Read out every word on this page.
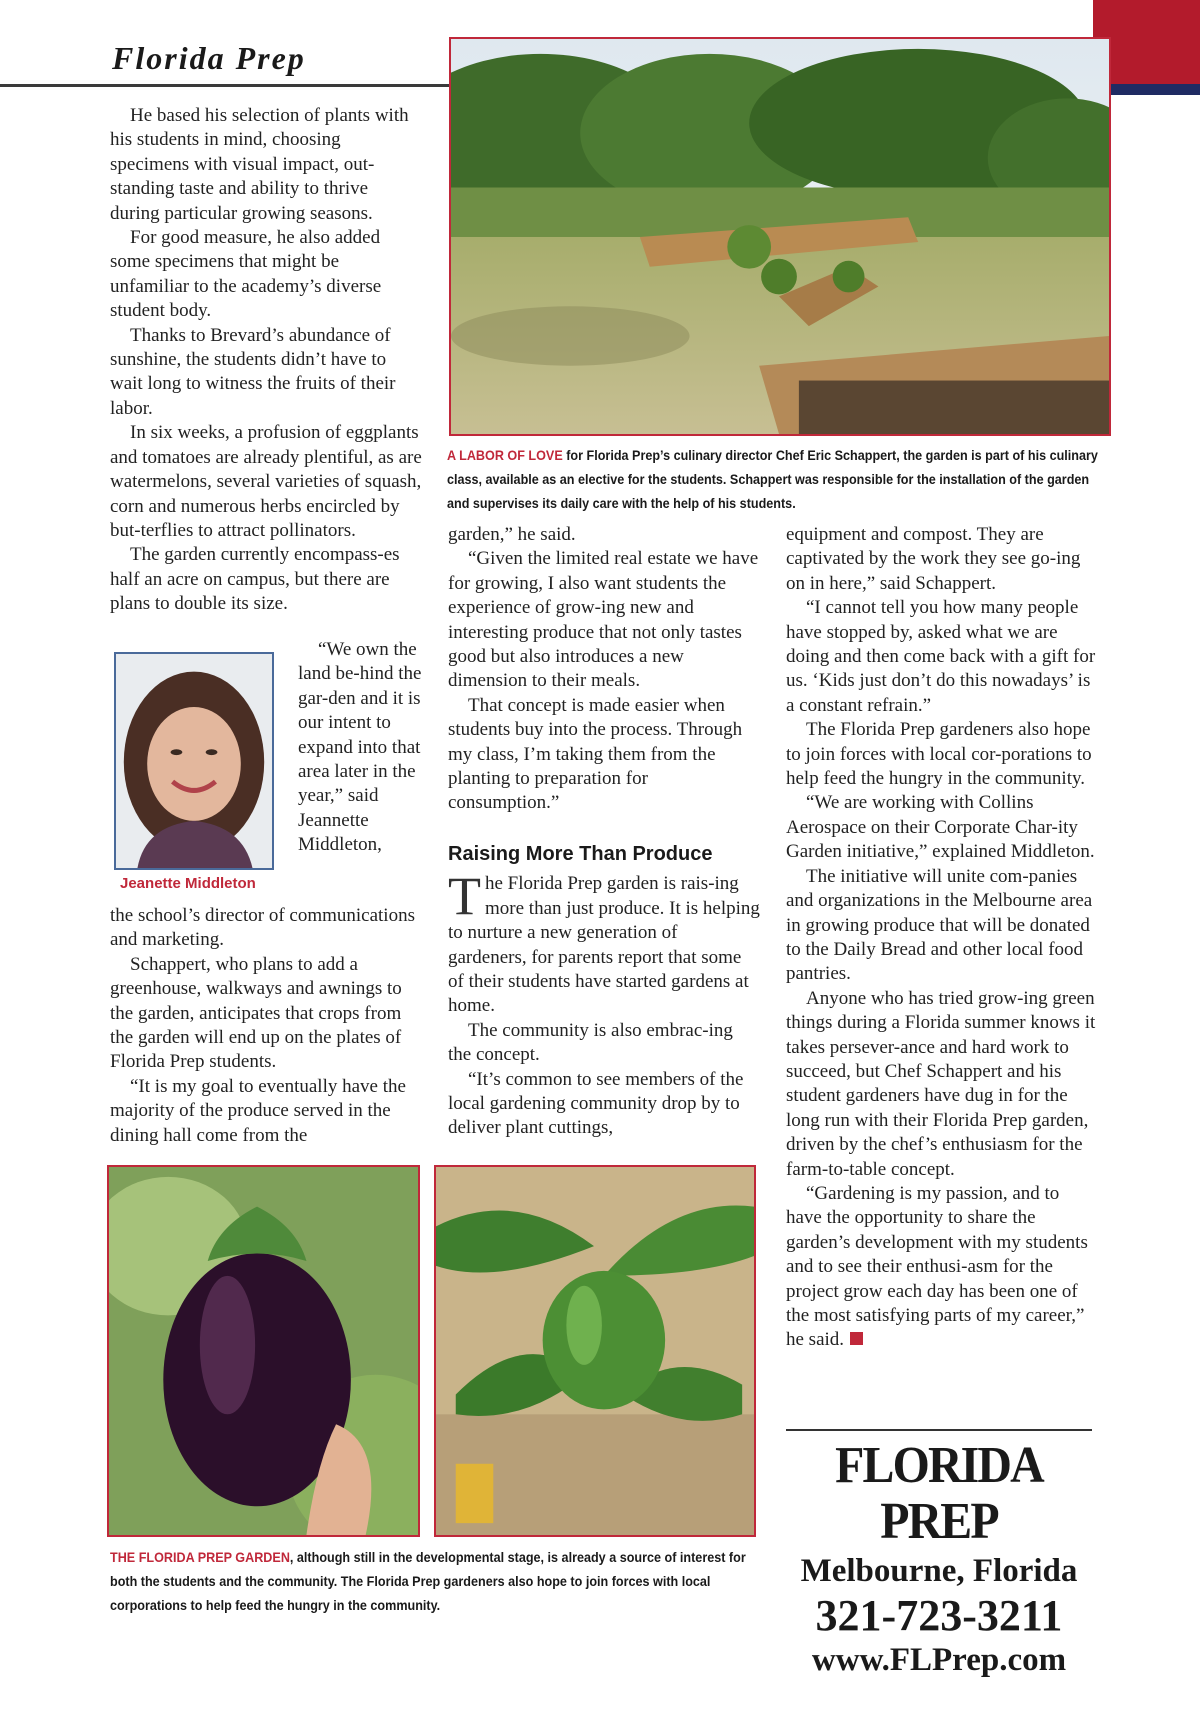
Florida Prep
A LABOR OF LOVE for Florida Prep’s culinary director Chef Eric Schappert, the garden is part of his culinary class, available as an elective for the students. Schappert was responsible for the installation of the garden and supervises its daily care with the help of his students.

He based his selection of plants with his students in mind, choosing specimens with visual impact, out-standing taste and ability to thrive during particular growing seasons.

For good measure, he also added some specimens that might be unfamiliar to the academy’s diverse student body.

Thanks to Brevard’s abundance of sunshine, the students didn’t have to wait long to witness the fruits of their labor.

In six weeks, a profusion of eggplants and tomatoes are already plentiful, as are watermelons, several varieties of squash, corn and numerous herbs encircled by but-terflies to attract pollinators.

The garden currently encompass-es half an acre on campus, but there are plans to double its size.

Jeanette Middleton

“We own the land be-hind the gar-den and it is our intent to expand into that area later in the year,” said Jeannette Middleton,

the school’s director of communications and marketing.

Schappert, who plans to add a greenhouse, walkways and awnings to the garden, anticipates that crops from the garden will end up on the plates of Florida Prep students.

“It is my goal to eventually have the majority of the produce served in the dining hall come from the

garden,” he said.

“Given the limited real estate we have for growing, I also want students the experience of grow-ing new and interesting produce that not only tastes good but also introduces a new dimension to their meals.

That concept is made easier when students buy into the process. Through my class, I’m taking them from the planting to preparation for consumption.”

Raising More Than Produce

The Florida Prep garden is rais-ing more than just produce. It is helping to nurture a new generation of gardeners, for parents report that some of their students have started gardens at home.

The community is also embrac-ing the concept.

“It’s common to see members of the local gardening community drop by to deliver plant cuttings,

equipment and compost. They are captivated by the work they see go-ing on in here,” said Schappert.

“I cannot tell you how many people have stopped by, asked what we are doing and then come back with a gift for us. ‘Kids just don’t do this nowadays’ is a constant refrain.”

The Florida Prep gardeners also hope to join forces with local cor-porations to help feed the hungry in the community.

“We are working with Collins Aerospace on their Corporate Char-ity Garden initiative,” explained Middleton.

The initiative will unite com-panies and organizations in the Melbourne area in growing produce that will be donated to the Daily Bread and other local food pantries.

Anyone who has tried grow-ing green things during a Florida summer knows it takes persever-ance and hard work to succeed, but Chef Schappert and his student gardeners have dug in for the long run with their Florida Prep garden, driven by the chef’s enthusiasm for the farm-to-table concept.

“Gardening is my passion, and to have the opportunity to share the garden’s development with my students and to see their enthusi-asm for the project grow each day has been one of the most satisfying parts of my career,” he said.

THE FLORIDA PREP GARDEN, although still in the developmental stage, is already a source of interest for both the students and the community. The Florida Prep gardeners also hope to join forces with local corporations to help feed the hungry in the community.
FLORIDA PREP
Melbourne, Florida
321-723-3211
www.FLPrep.com
